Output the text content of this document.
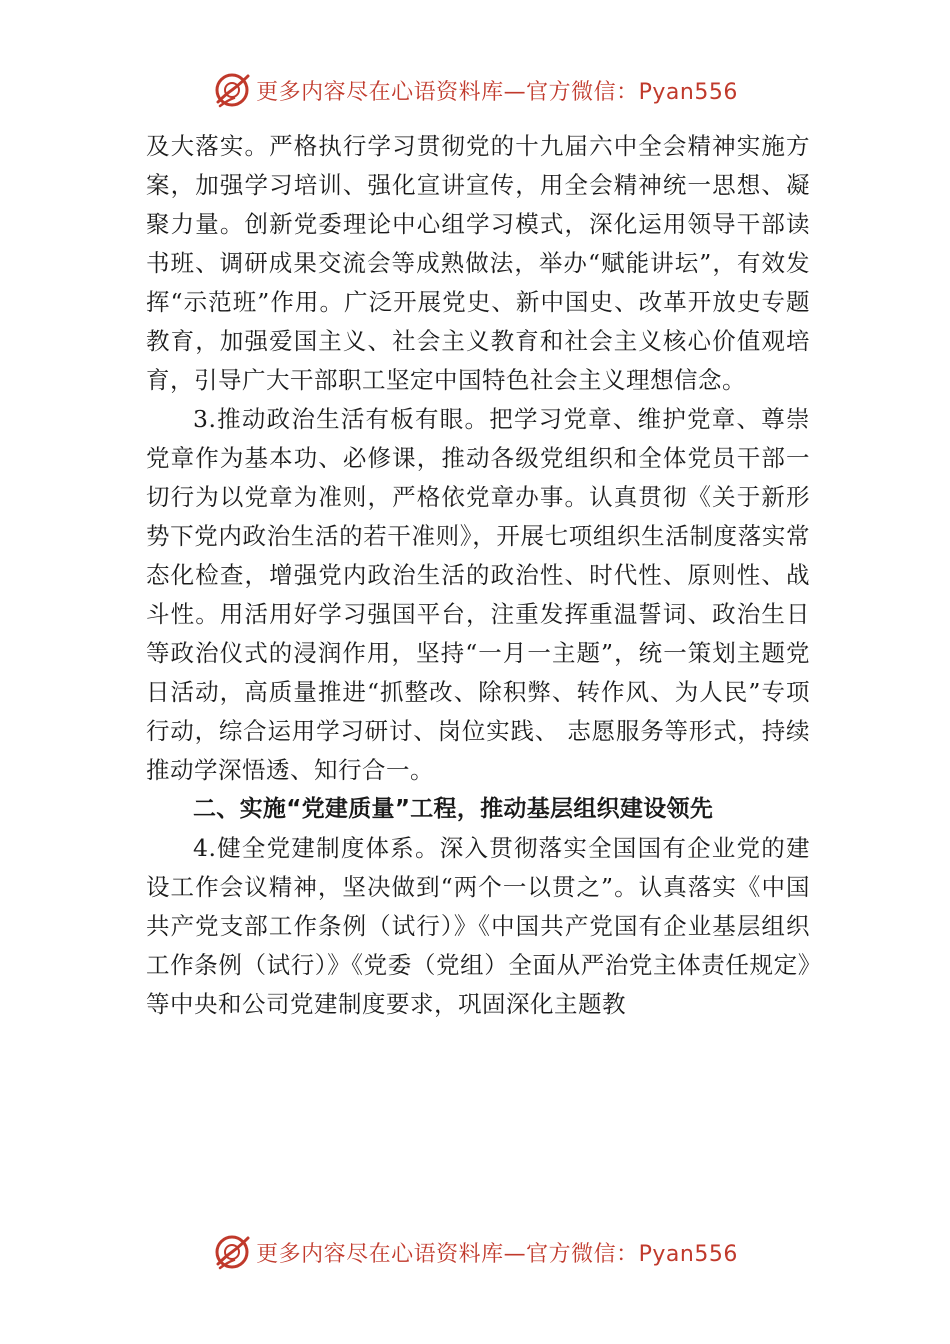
更多内容尽在心语资料库—官方微信：Pyan556

及大落实。严格执行学习贯彻党的十九届六中全会精神实施方案，加强学习培训、强化宣讲宣传，用全会精神统一思想、凝聚力量。创新党委理论中心组学习模式，深化运用领导干部读书班、调研成果交流会等成熟做法，举办“赋能讲坛”，有效发挥“示范班”作用。广泛开展党史、新中国史、改革开放史专题教育，加强爱国主义、社会主义教育和社会主义核心价值观培育，引导广大干部职工坚定中国特色社会主义理想信念。

3.推动政治生活有板有眼。把学习党章、维护党章、尊崇党章作为基本功、必修课，推动各级党组织和全体党员干部一切行为以党章为准则，严格依党章办事。认真贯彻《关于新形势下党内政治生活的若干准则》，开展七项组织生活制度落实常态化检查，增强党内政治生活的政治性、时代性、原则性、战斗性。用活用好学习强国平台，注重发挥重温誓词、政治生日等政治仪式的浸润作用，坚持“一月一主题”，统一策划主题党日活动，高质量推进“抓整改、除积弊、转作风、为人民”专项行动，综合运用学习研讨、岗位实践、 志愿服务等形式，持续推动学深悟透、知行合一。

二、实施“党建质量”工程，推动基层组织建设领先

4.健全党建制度体系。深入贯彻落实全国国有企业党的建设工作会议精神，坚决做到“两个一以贯之”。认真落实《中国共产党支部工作条例（试行）》《中国共产党国有企业基层组织工作条例（试行）》《党委（党组）全面从严治党主体责任规定》等中央和公司党建制度要求，巩固深化主题教

更多内容尽在心语资料库—官方微信：Pyan556
